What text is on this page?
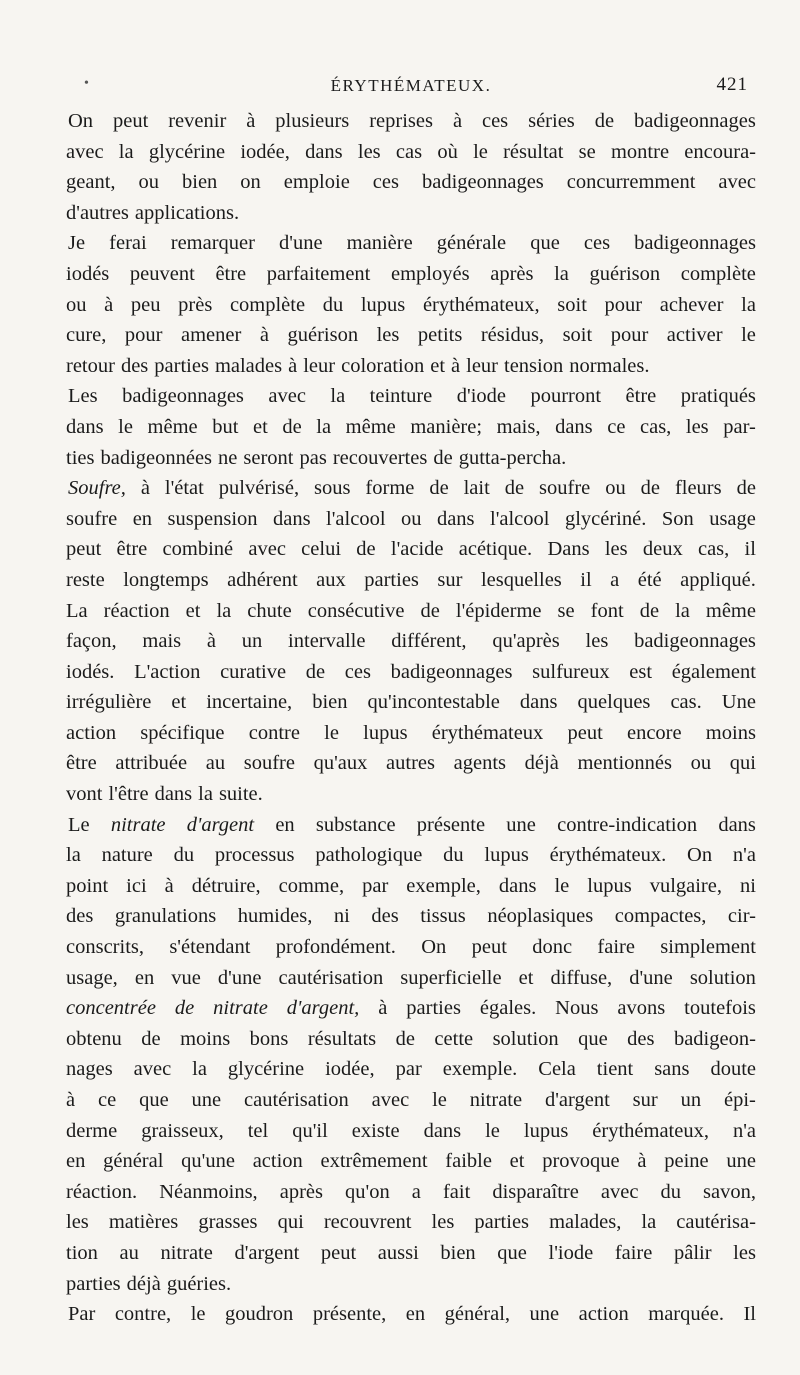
•	ÉRYTHÉMATEUX.	421
On peut revenir à plusieurs reprises à ces séries de badigeonnages
avec la glycérine iodée, dans les cas où le résultat se montre encoura-
geant, ou bien on emploie ces badigeonnages concurremment avec
d'autres applications.
Je ferai remarquer d'une manière générale que ces badigeonnages
iodés peuvent être parfaitement employés après la guérison complète
ou à peu près complète du lupus érythémateux, soit pour achever la
cure, pour amener à guérison les petits résidus, soit pour activer le
retour des parties malades à leur coloration et à leur tension normales.
Les badigeonnages avec la teinture d'iode pourront être pratiqués
dans le même but et de la même manière; mais, dans ce cas, les par-
ties badigeonnées ne seront pas recouvertes de gutta-percha.
Soufre, à l'état pulvérisé, sous forme de lait de soufre ou de fleurs de
soufre en suspension dans l'alcool ou dans l'alcool glycériné. Son usage
peut être combiné avec celui de l'acide acétique. Dans les deux cas, il
reste longtemps adhérent aux parties sur lesquelles il a été appliqué.
La réaction et la chute consécutive de l'épiderme se font de la même
façon, mais à un intervalle différent, qu'après les badigeonnages
iodés. L'action curative de ces badigeonnages sulfureux est également
irrégulière et incertaine, bien qu'incontestable dans quelques cas. Une
action spécifique contre le lupus érythémateux peut encore moins
être attribuée au soufre qu'aux autres agents déjà mentionnés ou qui
vont l'être dans la suite.
Le nitrate d'argent en substance présente une contre-indication dans
la nature du processus pathologique du lupus érythémateux. On n'a
point ici à détruire, comme, par exemple, dans le lupus vulgaire, ni
des granulations humides, ni des tissus néoplasiques compactes, cir-
conscrits, s'étendant profondément. On peut donc faire simplement
usage, en vue d'une cautérisation superficielle et diffuse, d'une solution
concentrée de nitrate d'argent, à parties égales. Nous avons toutefois
obtenu de moins bons résultats de cette solution que des badigeon-
nages avec la glycérine iodée, par exemple. Cela tient sans doute
à ce que une cautérisation avec le nitrate d'argent sur un épi-
derme graisseux, tel qu'il existe dans le lupus érythémateux, n'a
en général qu'une action extrêmement faible et provoque à peine une
réaction. Néanmoins, après qu'on a fait disparaître avec du savon,
les matières grasses qui recouvrent les parties malades, la cautérisa-
tion au nitrate d'argent peut aussi bien que l'iode faire pâlir les
parties déjà guéries.
Par contre, le goudron présente, en général, une action marquée. Il
